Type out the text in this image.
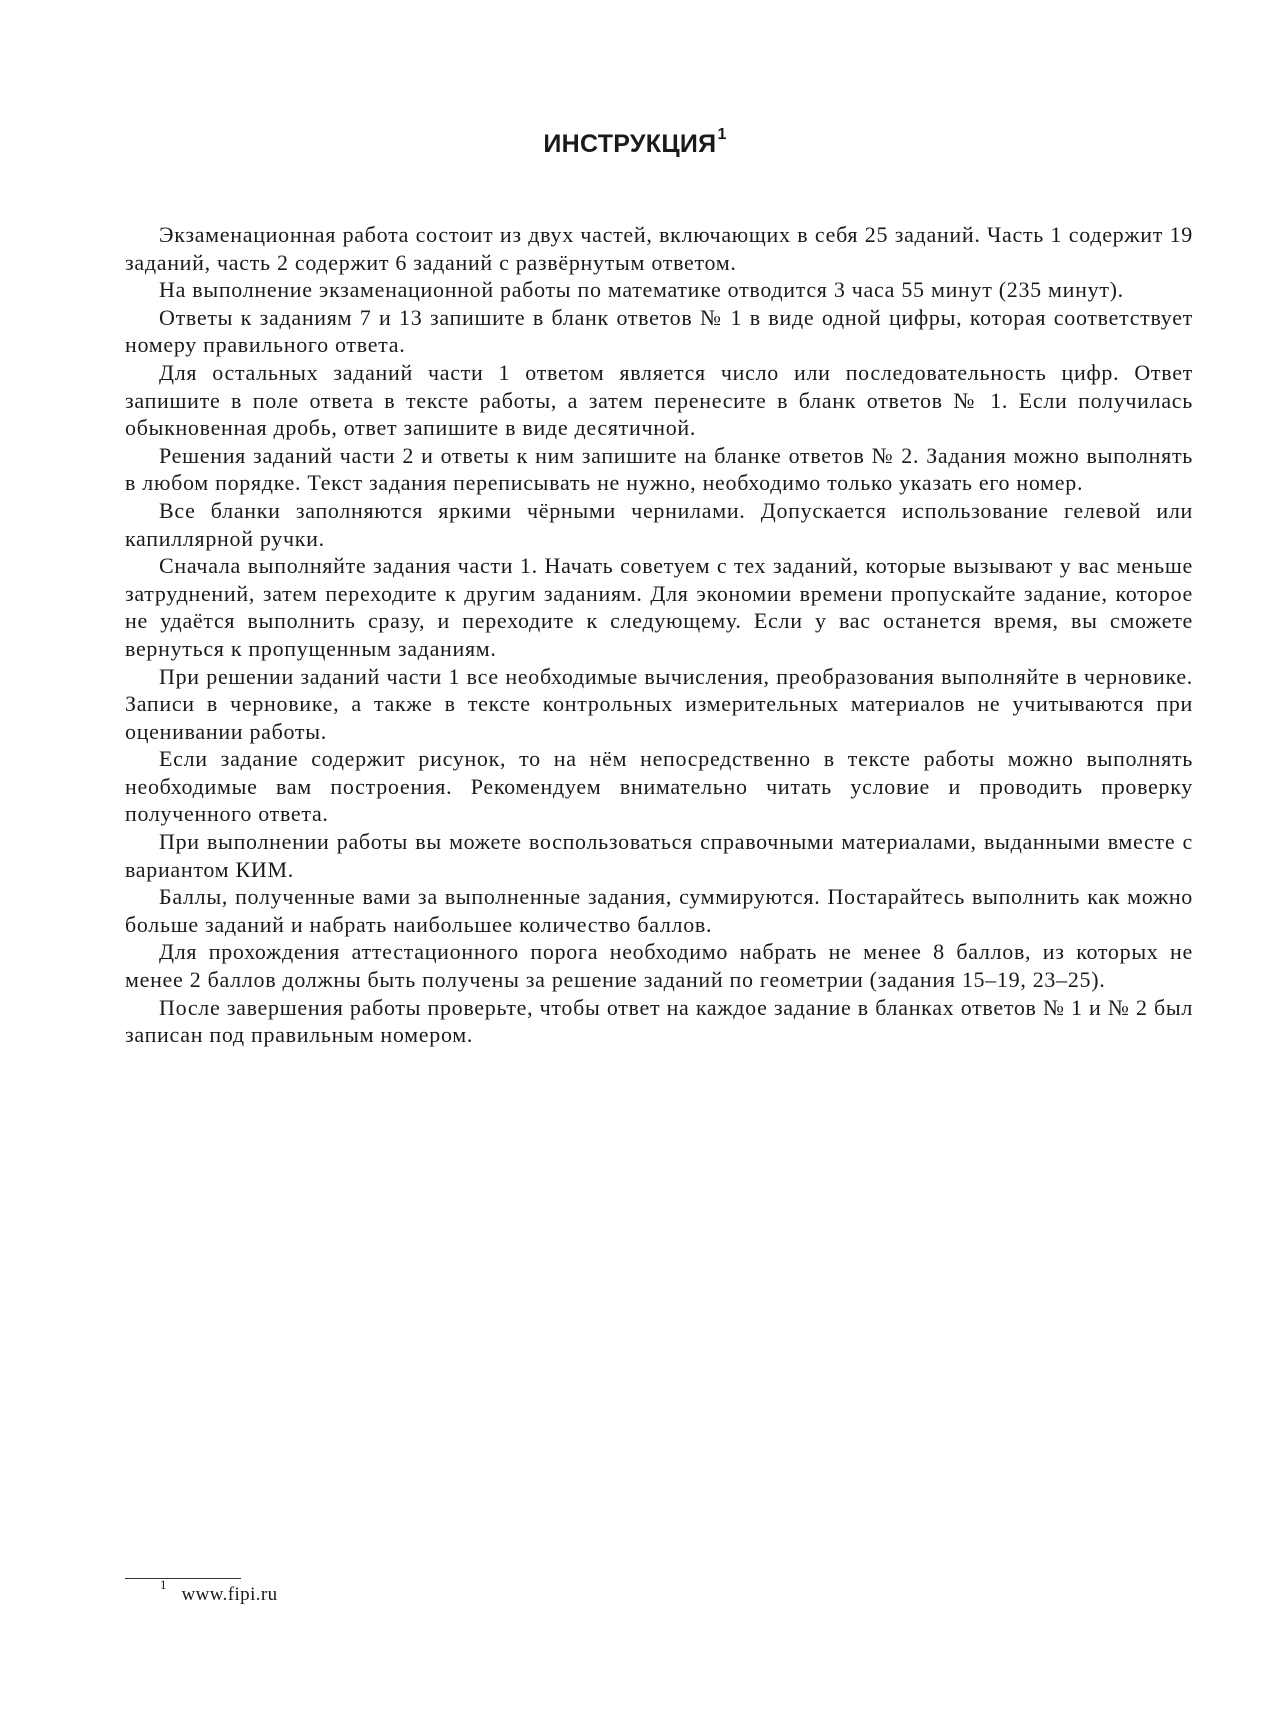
ИНСТРУКЦИЯ$^1$

Экзаменационная работа состоит из двух частей, включающих в себя 25 заданий. Часть 1 содержит 19 заданий, часть 2 содержит 6 заданий с развёрнутым ответом.

На выполнение экзаменационной работы по математике отводится 3 часа 55 минут (235 минут).

Ответы к заданиям 7 и 13 запишите в бланк ответов № 1 в виде одной цифры, которая соответствует номеру правильного ответа.

Для остальных заданий части 1 ответом является число или последовательность цифр. Ответ запишите в поле ответа в тексте работы, а затем перенесите в бланк ответов № 1. Если получилась обыкновенная дробь, ответ запишите в виде десятичной.

Решения заданий части 2 и ответы к ним запишите на бланке ответов № 2. Задания можно выполнять в любом порядке. Текст задания переписывать не нужно, необходимо только указать его номер.

Все бланки заполняются яркими чёрными чернилами. Допускается использование гелевой или капиллярной ручки.

Сначала выполняйте задания части 1. Начать советуем с тех заданий, которые вызывают у вас меньше затруднений, затем переходите к другим заданиям. Для экономии времени пропускайте задание, которое не удаётся выполнить сразу, и переходите к следующему. Если у вас останется время, вы сможете вернуться к пропущенным заданиям.

При решении заданий части 1 все необходимые вычисления, преобразования выполняйте в черновике. Записи в черновике, а также в тексте контрольных измерительных материалов не учитываются при оценивании работы.

Если задание содержит рисунок, то на нём непосредственно в тексте работы можно выполнять необходимые вам построения. Рекомендуем внимательно читать условие и проводить проверку полученного ответа.

При выполнении работы вы можете воспользоваться справочными материалами, выданными вместе с вариантом КИМ.

Баллы, полученные вами за выполненные задания, суммируются. Постарайтесь выполнить как можно больше заданий и набрать наибольшее количество баллов.

Для прохождения аттестационного порога необходимо набрать не менее 8 баллов, из которых не менее 2 баллов должны быть получены за решение заданий по геометрии (задания 15–19, 23–25).

После завершения работы проверьте, чтобы ответ на каждое задание в бланках ответов № 1 и № 2 был записан под правильным номером.

$^1$ www.fipi.ru
